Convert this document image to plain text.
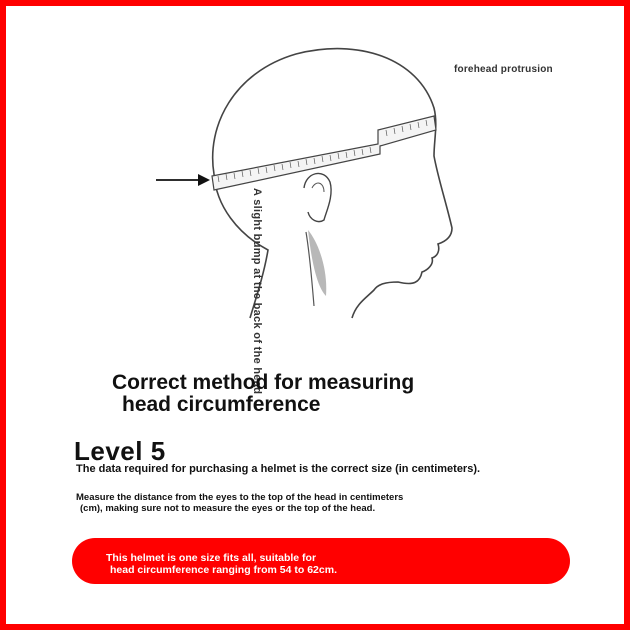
forehead protrusion
A slight bump at the back of the head
Correct method for measuring
head circumference
Level 5
The data required for purchasing a helmet is the correct size (in centimeters).
Measure the distance from the eyes to the top of the head in centimeters
(cm), making sure not to measure the eyes or the top of the head.
This helmet is one size fits all, suitable for
head circumference ranging from 54 to 62cm.
